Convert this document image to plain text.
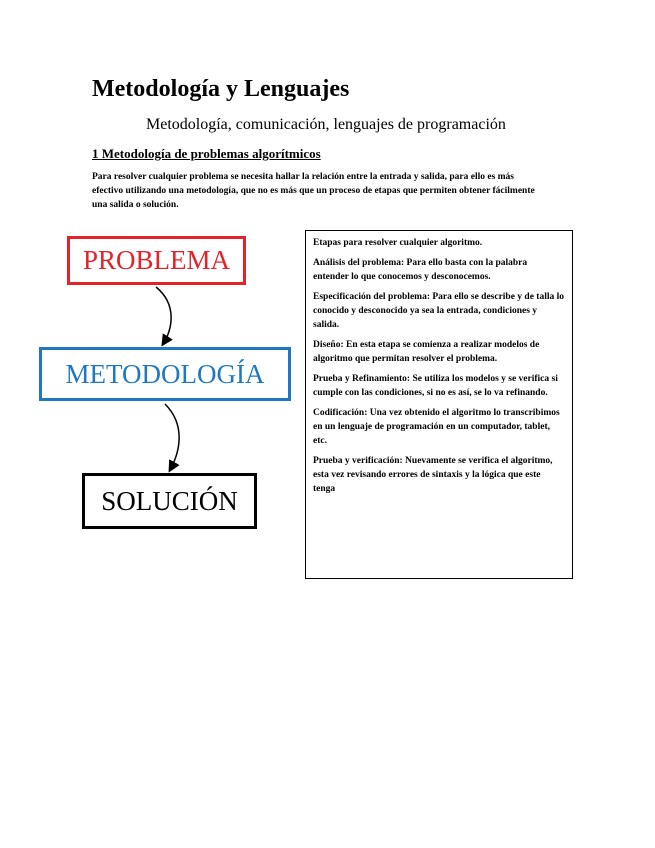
Metodología y Lenguajes
Metodología, comunicación, lenguajes de programación
1 Metodología de problemas algorítmicos
Para resolver cualquier problema se necesita hallar la relación entre la entrada y salida, para ello es más efectivo utilizando una metodología, que no es más que un proceso de etapas que permiten obtener fácilmente una salida o solución.
PROBLEMA
METODOLOGÍA
SOLUCIÓN

Etapas para resolver cualquier algoritmo.

Análisis del problema: Para ello basta con la palabra entender lo que conocemos y desconocemos.

Especificación del problema: Para ello se describe y de talla lo conocido y desconocido ya sea la entrada, condiciones y salida.

Diseño: En esta etapa se comienza a realizar modelos de algoritmo que permitan resolver el problema.

Prueba y Refinamiento: Se utiliza los modelos y se verifica si cumple con las condiciones, si no es así, se lo va refinando.

Codificación: Una vez obtenido el algoritmo lo transcribimos en un lenguaje de programación en un computador, tablet, etc.

Prueba y verificación: Nuevamente se verifica el algoritmo, esta vez revisando errores de sintaxis y la lógica que este tenga
